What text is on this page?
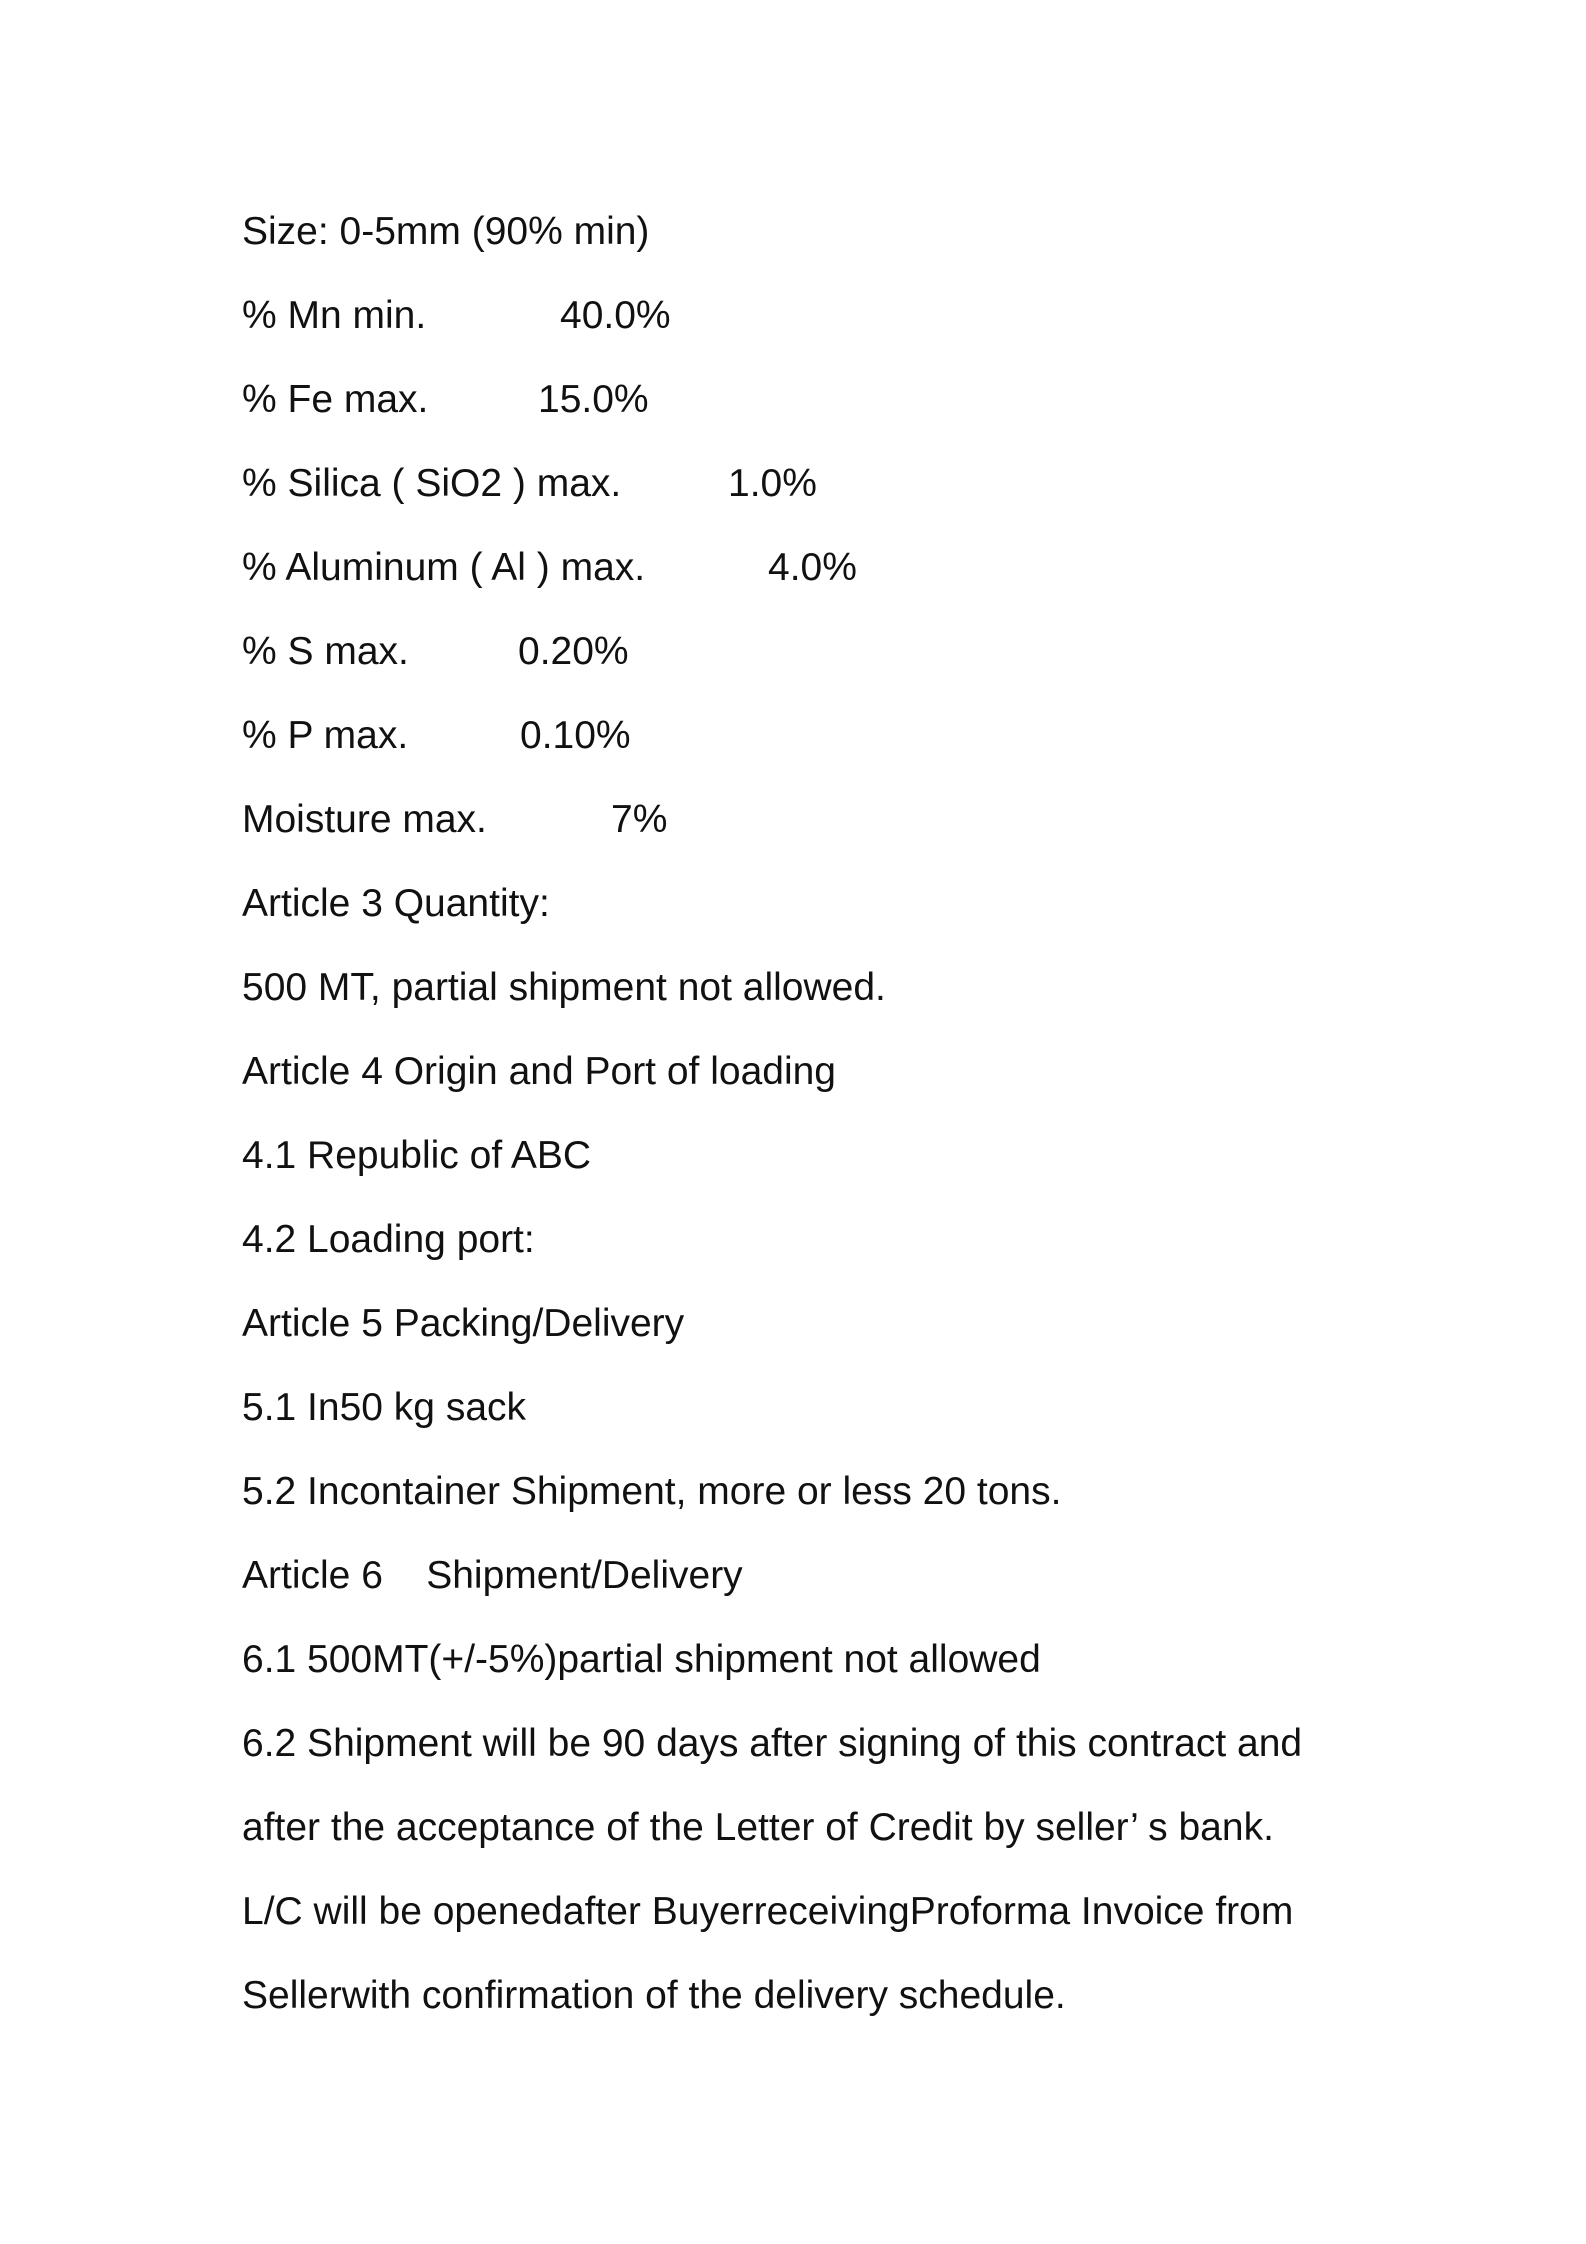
Size: 0-5mm (90% min)
% Mn min.	40.0%
% Fe max.	15.0%
% Silica ( SiO2 ) max.	1.0%
% Aluminum ( Al ) max.	4.0%
% S max.	0.20%
% P max.	0.10%
Moisture max.	7%
Article 3 Quantity:
500 MT, partial shipment not allowed.
Article 4 Origin and Port of loading
4.1 Republic of ABC
4.2 Loading port:
Article 5 Packing/Delivery
5.1 In50 kg sack
5.2 Incontainer Shipment, more or less 20 tons.
Article 6    Shipment/Delivery
6.1 500MT(+/-5%)partial shipment not allowed
6.2 Shipment will be 90 days after signing of this contract and
after the acceptance of the Letter of Credit by seller’ s bank.
L/C will be openedafter BuyerreceivingProforma Invoice from
Sellerwith confirmation of the delivery schedule.
